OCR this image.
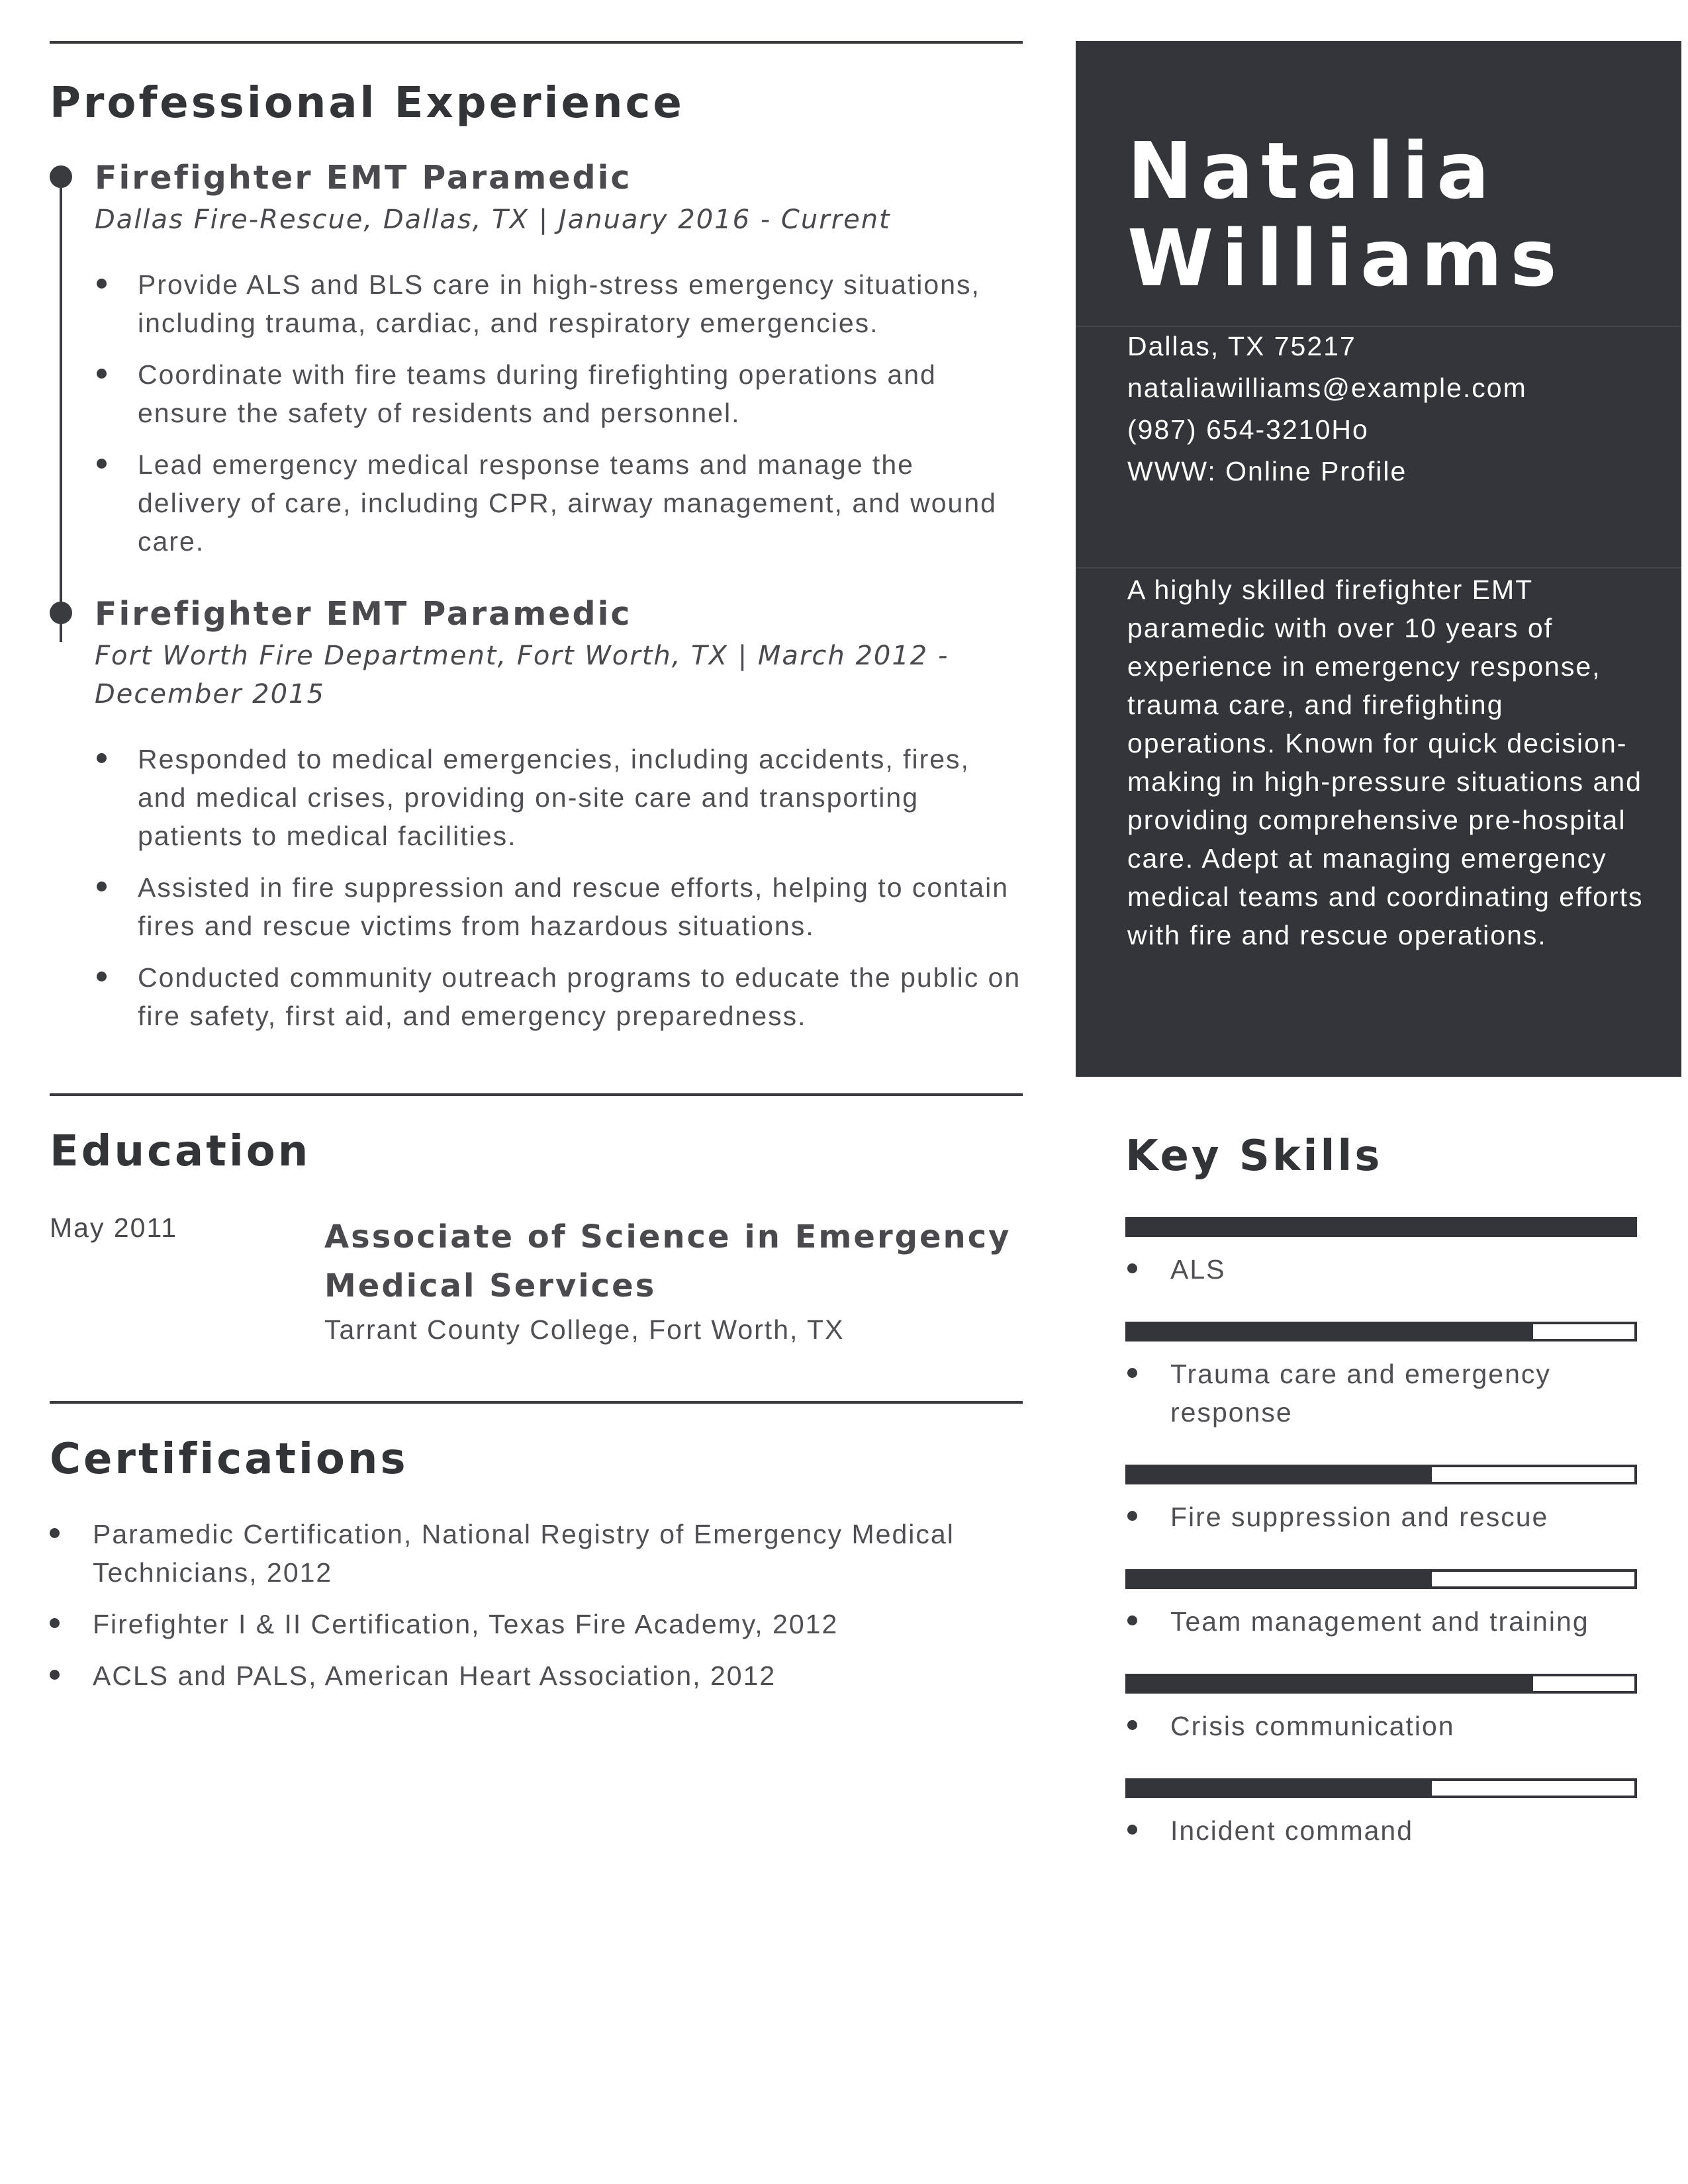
Professional Experience
Firefighter EMT Paramedic
Dallas Fire-Rescue, Dallas, TX | January 2016 - Current
Provide ALS and BLS care in high-stress emergency situations, including trauma, cardiac, and respiratory emergencies.
Coordinate with fire teams during firefighting operations and ensure the safety of residents and personnel.
Lead emergency medical response teams and manage the delivery of care, including CPR, airway management, and wound care.
Firefighter EMT Paramedic
Fort Worth Fire Department, Fort Worth, TX | March 2012 - December 2015
Responded to medical emergencies, including accidents, fires, and medical crises, providing on-site care and transporting patients to medical facilities.
Assisted in fire suppression and rescue efforts, helping to contain fires and rescue victims from hazardous situations.
Conducted community outreach programs to educate the public on fire safety, first aid, and emergency preparedness.
Education
May 2011	Associate of Science in Emergency Medical Services
Tarrant County College, Fort Worth, TX
Certifications
Paramedic Certification, National Registry of Emergency Medical Technicians, 2012
Firefighter I & II Certification, Texas Fire Academy, 2012
ACLS and PALS, American Heart Association, 2012
Natalia
Williams
Dallas, TX 75217
nataliawilliams@example.com
(987) 654-3210Ho
WWW: Online Profile
A highly skilled firefighter EMT paramedic with over 10 years of experience in emergency response, trauma care, and firefighting operations. Known for quick decision-making in high-pressure situations and providing comprehensive pre-hospital care. Adept at managing emergency medical teams and coordinating efforts with fire and rescue operations.
Key Skills
ALS
Trauma care and emergency response
Fire suppression and rescue
Team management and training
Crisis communication
Incident command
